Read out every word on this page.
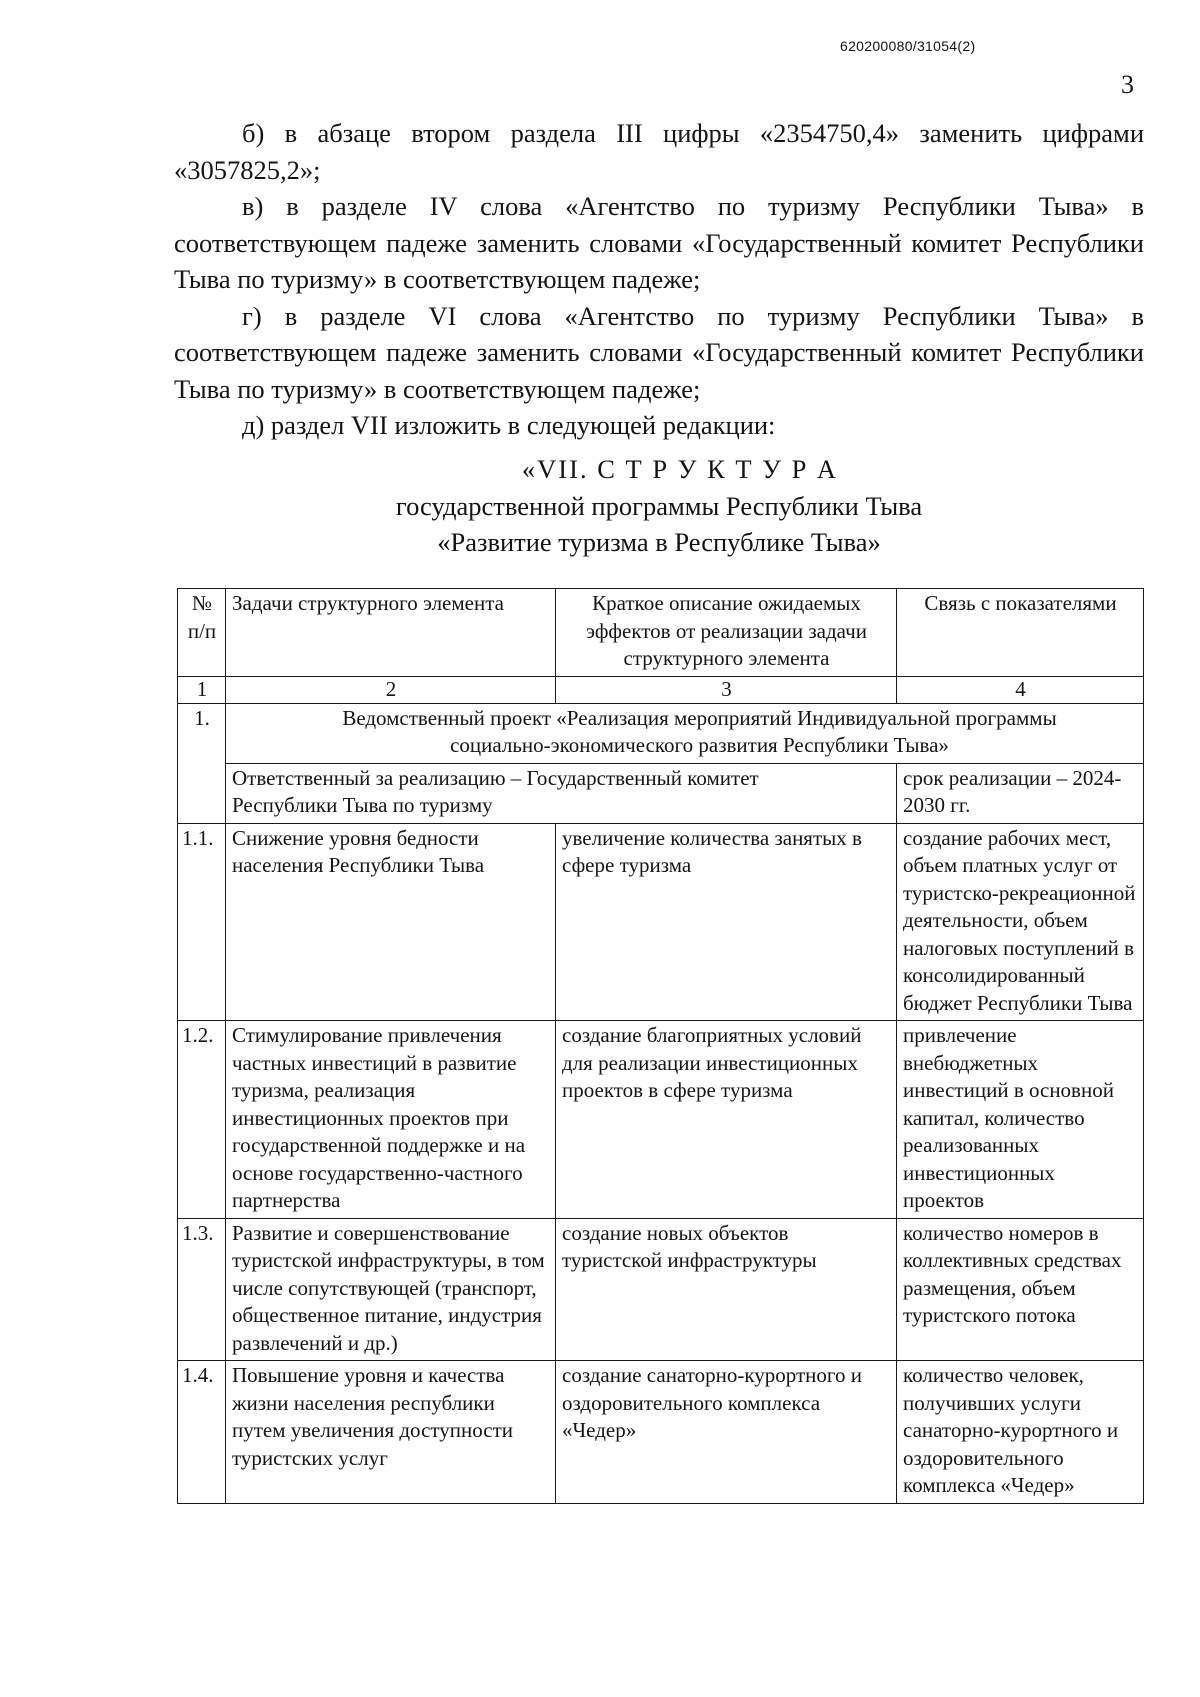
620200080/31054(2)
3

б) в абзаце втором раздела III цифры «2354750,4» заменить цифрами «3057825,2»;

в) в разделе IV слова «Агентство по туризму Республики Тыва» в соответствующем падеже заменить словами «Государственный комитет Республики Тыва по туризму» в соответствующем падеже;

г) в разделе VI слова «Агентство по туризму Республики Тыва» в соответствующем падеже заменить словами «Государственный комитет Республики Тыва по туризму» в соответствующем падеже;

д) раздел VII изложить в следующей редакции:

«VII. С Т Р У К Т У Р А
государственной программы Республики Тыва
«Развитие туризма в Республике Тыва»
№ п/п	Задачи структурного элемента	Краткое описание ожидаемых эффектов от реализации задачи структурного элемента	Связь с показателями
1	2	3	4
1.	Ведомственный проект «Реализация мероприятий Индивидуальной программы социально-экономического развития Республики Тыва»		
	Ответственный за реализацию – Государственный комитет Республики Тыва по туризму		срок реализации – 2024-2030 гг.
1.1.	Снижение уровня бедности населения Республики Тыва	увеличение количества занятых в сфере туризма	создание рабочих мест, объем платных услуг от туристско-рекреационной деятельности, объем налоговых поступлений в консолидированный бюджет Республики Тыва
1.2.	Стимулирование привлечения частных инвестиций в развитие туризма, реализация инвестиционных проектов при государственной поддержке и на основе государственно-частного партнерства	создание благоприятных условий для реализации инвестиционных проектов в сфере туризма	привлечение внебюджетных инвестиций в основной капитал, количество реализованных инвестиционных проектов
1.3.	Развитие и совершенствование туристской инфраструктуры, в том числе сопутствующей (транспорт, общественное питание, индустрия развлечений и др.)	создание новых объектов туристской инфраструктуры	количество номеров в коллективных средствах размещения, объем туристского потока
1.4.	Повышение уровня и качества жизни населения республики путем увеличения доступности туристских услуг	создание санаторно-курортного и оздоровительного комплекса «Чедер»	количество человек, получивших услуги санаторно-курортного и оздоровительного комплекса «Чедер»
